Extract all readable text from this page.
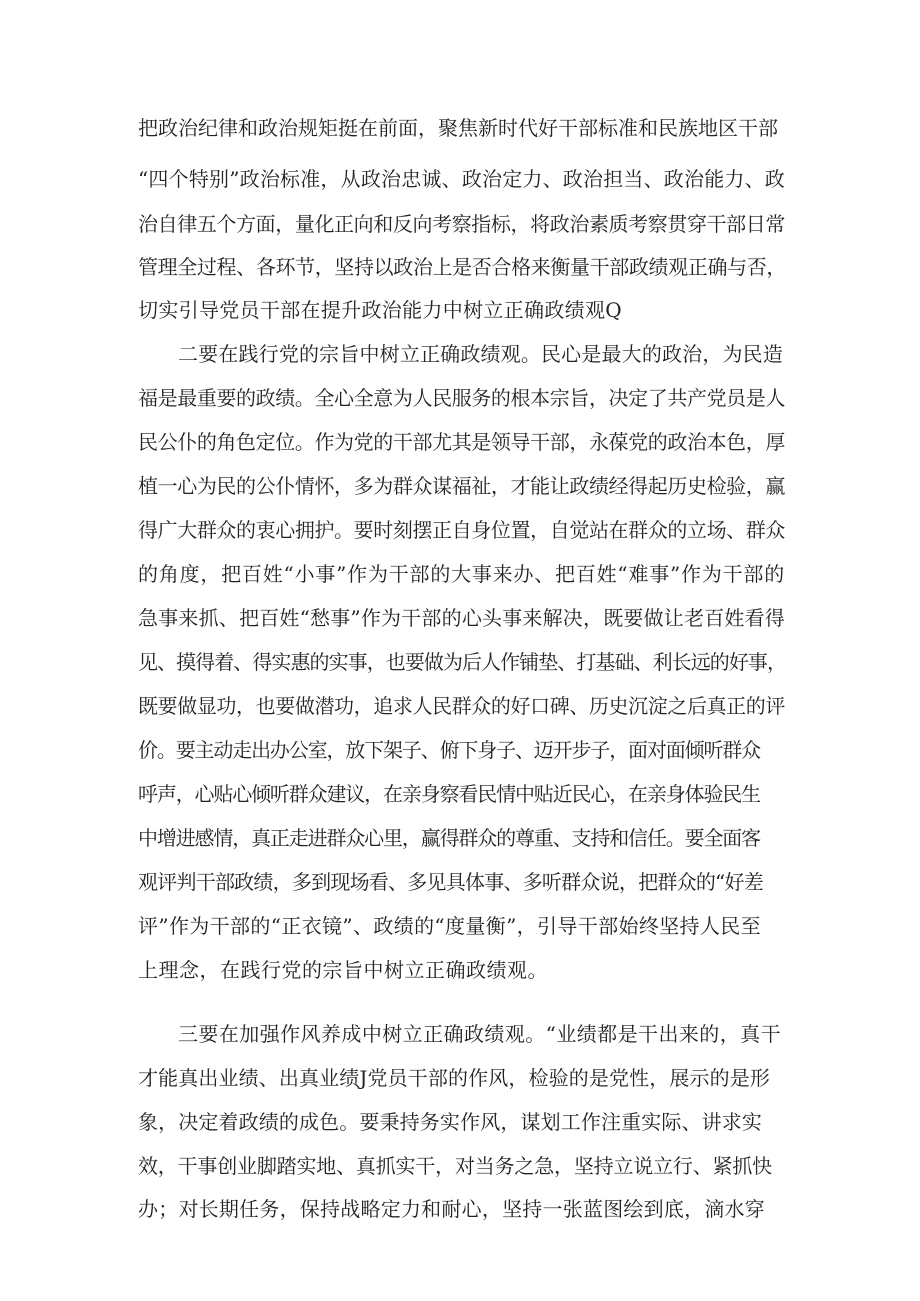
把政治纪律和政治规矩挺在前面，聚焦新时代好干部标准和民族地区干部
“四个特别”政治标准，从政治忠诚、政治定力、政治担当、政治能力、政
治自律五个方面，量化正向和反向考察指标，将政治素质考察贯穿干部日常
管理全过程、各环节，坚持以政治上是否合格来衡量干部政绩观正确与否，
切实引导党员干部在提升政治能力中树立正确政绩观Q
二要在践行党的宗旨中树立正确政绩观。民心是最大的政治，为民造
福是最重要的政绩。全心全意为人民服务的根本宗旨，决定了共产党员是人
民公仆的角色定位。作为党的干部尤其是领导干部，永葆党的政治本色，厚
植一心为民的公仆情怀，多为群众谋福祉，才能让政绩经得起历史检验，赢
得广大群众的衷心拥护。要时刻摆正自身位置，自觉站在群众的立场、群众
的角度，把百姓“小事”作为干部的大事来办、把百姓“难事”作为干部的
急事来抓、把百姓“愁事”作为干部的心头事来解决，既要做让老百姓看得
见、摸得着、得实惠的实事，也要做为后人作铺垫、打基础、利长远的好事，
既要做显功，也要做潜功，追求人民群众的好口碑、历史沉淀之后真正的评
价。要主动走出办公室，放下架子、俯下身子、迈开步子，面对面倾听群众
呼声，心贴心倾听群众建议，在亲身察看民情中贴近民心，在亲身体验民生
中增进感情，真正走进群众心里，赢得群众的尊重、支持和信任。要全面客
观评判干部政绩，多到现场看、多见具体事、多听群众说，把群众的“好差
评”作为干部的“正衣镜”、政绩的“度量衡”，引导干部始终坚持人民至
上理念，在践行党的宗旨中树立正确政绩观。
三要在加强作风养成中树立正确政绩观。“业绩都是干出来的，真干
才能真出业绩、出真业绩J党员干部的作风，检验的是党性，展示的是形
象，决定着政绩的成色。要秉持务实作风，谋划工作注重实际、讲求实
效，干事创业脚踏实地、真抓实干，对当务之急，坚持立说立行、紧抓快
办；对长期任务，保持战略定力和耐心，坚持一张蓝图绘到底，滴水穿
